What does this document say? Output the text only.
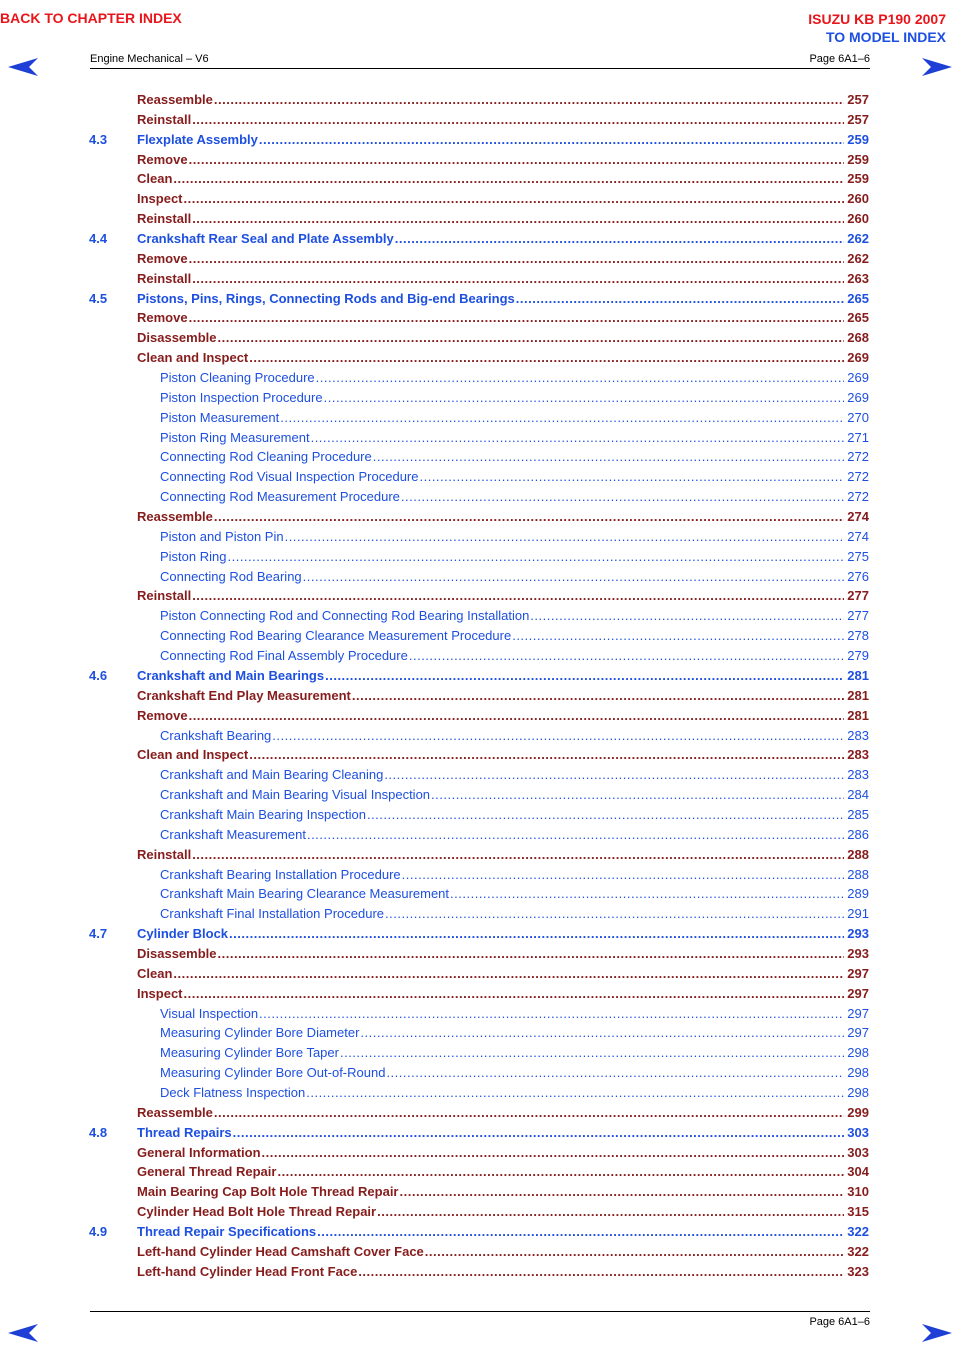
BACK TO CHAPTER INDEX	ISUZU KB P190 2007
TO MODEL INDEX
Engine Mechanical – V6	Page 6A1–6
Reassemble .....	257
Reinstall .....	257
4.3 Flexplate Assembly .....	259
Remove .....	259
Clean .....	259
Inspect .....	260
Reinstall .....	260
4.4 Crankshaft Rear Seal and Plate Assembly .....	262
Remove .....	262
Reinstall .....	263
4.5 Pistons, Pins, Rings, Connecting Rods and Big-end Bearings .....	265
Remove .....	265
Disassemble .....	268
Clean and Inspect .....	269
Piston Cleaning Procedure .....	269
Piston Inspection Procedure .....	269
Piston Measurement .....	270
Piston Ring Measurement .....	271
Connecting Rod Cleaning Procedure .....	272
Connecting Rod Visual Inspection Procedure .....	272
Connecting Rod Measurement Procedure .....	272
Reassemble .....	274
Piston and Piston Pin .....	274
Piston Ring .....	275
Connecting Rod Bearing .....	276
Reinstall .....	277
Piston Connecting Rod and Connecting Rod Bearing Installation .....	277
Connecting Rod Bearing Clearance Measurement Procedure .....	278
Connecting Rod Final Assembly Procedure .....	279
4.6 Crankshaft and Main Bearings .....	281
Crankshaft End Play Measurement .....	281
Remove .....	281
Crankshaft Bearing .....	283
Clean and Inspect .....	283
Crankshaft and Main Bearing Cleaning .....	283
Crankshaft and Main Bearing Visual Inspection .....	284
Crankshaft Main Bearing Inspection .....	285
Crankshaft Measurement .....	286
Reinstall .....	288
Crankshaft Bearing Installation Procedure .....	288
Crankshaft Main Bearing Clearance Measurement .....	289
Crankshaft Final Installation Procedure .....	291
4.7 Cylinder Block .....	293
Disassemble .....	293
Clean .....	297
Inspect .....	297
Visual Inspection .....	297
Measuring Cylinder Bore Diameter .....	297
Measuring Cylinder Bore Taper .....	298
Measuring Cylinder Bore Out-of-Round .....	298
Deck Flatness Inspection .....	298
Reassemble .....	299
4.8 Thread Repairs .....	303
General Information .....	303
General Thread Repair .....	304
Main Bearing Cap Bolt Hole Thread Repair .....	310
Cylinder Head Bolt Hole Thread Repair .....	315
4.9 Thread Repair Specifications .....	322
Left-hand Cylinder Head Camshaft Cover Face .....	322
Left-hand Cylinder Head Front Face .....	323
Page 6A1–6
